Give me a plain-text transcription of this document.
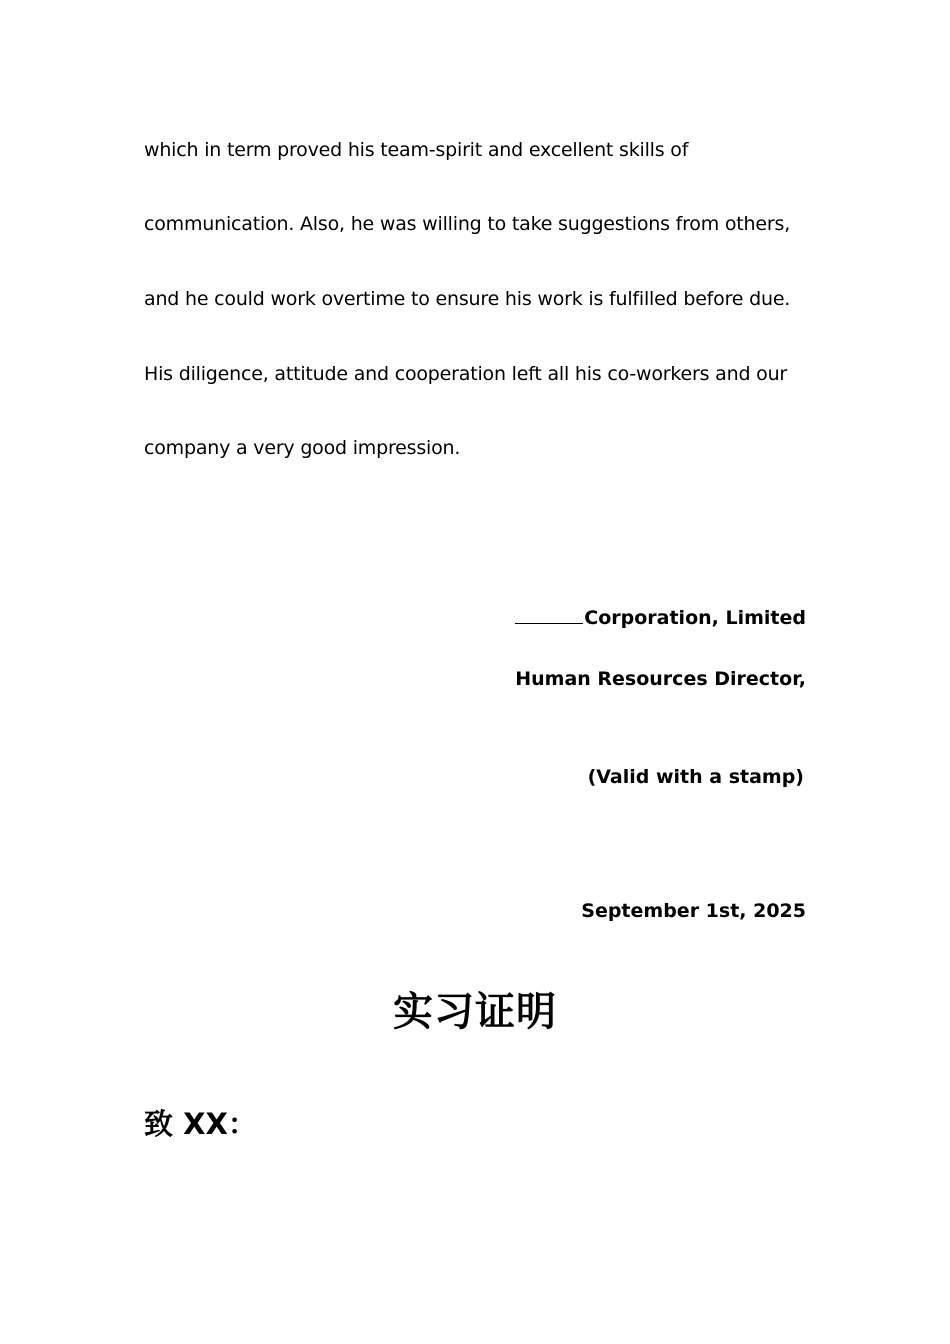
which in term proved his team-spirit and excellent skills of
communication. Also, he was willing to take suggestions from others,
and he could work overtime to ensure his work is fulfilled before due.
His diligence, attitude and cooperation left all his co-workers and our
company a very good impression.
Corporation, Limited
Human Resources Director,
(Valid with a stamp)
September 1st, 2025
实习证明
致 XX：
